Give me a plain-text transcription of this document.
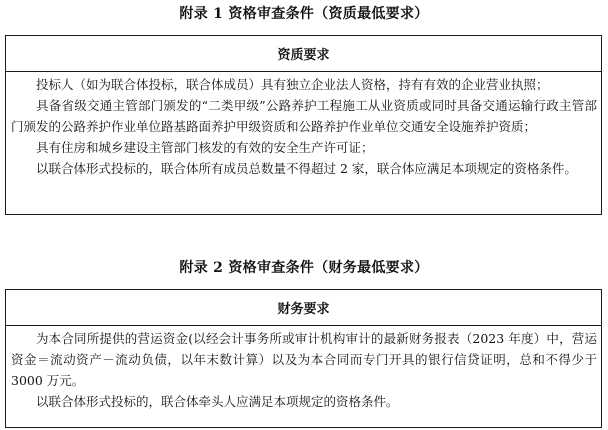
附录 1 资格审查条件（资质最低要求）
资质要求

投标人（如为联合体投标，联合体成员）具有独立企业法人资格，持有有效的企业营业执照；

具备省级交通主管部门颁发的“二类甲级”公路养护工程施工从业资质或同时具备交通运输行政主管部门颁发的公路养护作业单位路基路面养护甲级资质和公路养护作业单位交通安全设施养护资质；

具有住房和城乡建设主管部门核发的有效的安全生产许可证；

以联合体形式投标的，联合体所有成员总数量不得超过 2 家，联合体应满足本项规定的资格条件。

附录 2 资格审查条件（财务最低要求）
财务要求

为本合同所提供的营运资金(以经会计事务所或审计机构审计的最新财务报表（2023 年度）中，营运资金＝流动资产－流动负债，以年末数计算）以及为本合同而专门开具的银行信贷证明，总和不得少于 3000 万元。

以联合体形式投标的，联合体牵头人应满足本项规定的资格条件。
